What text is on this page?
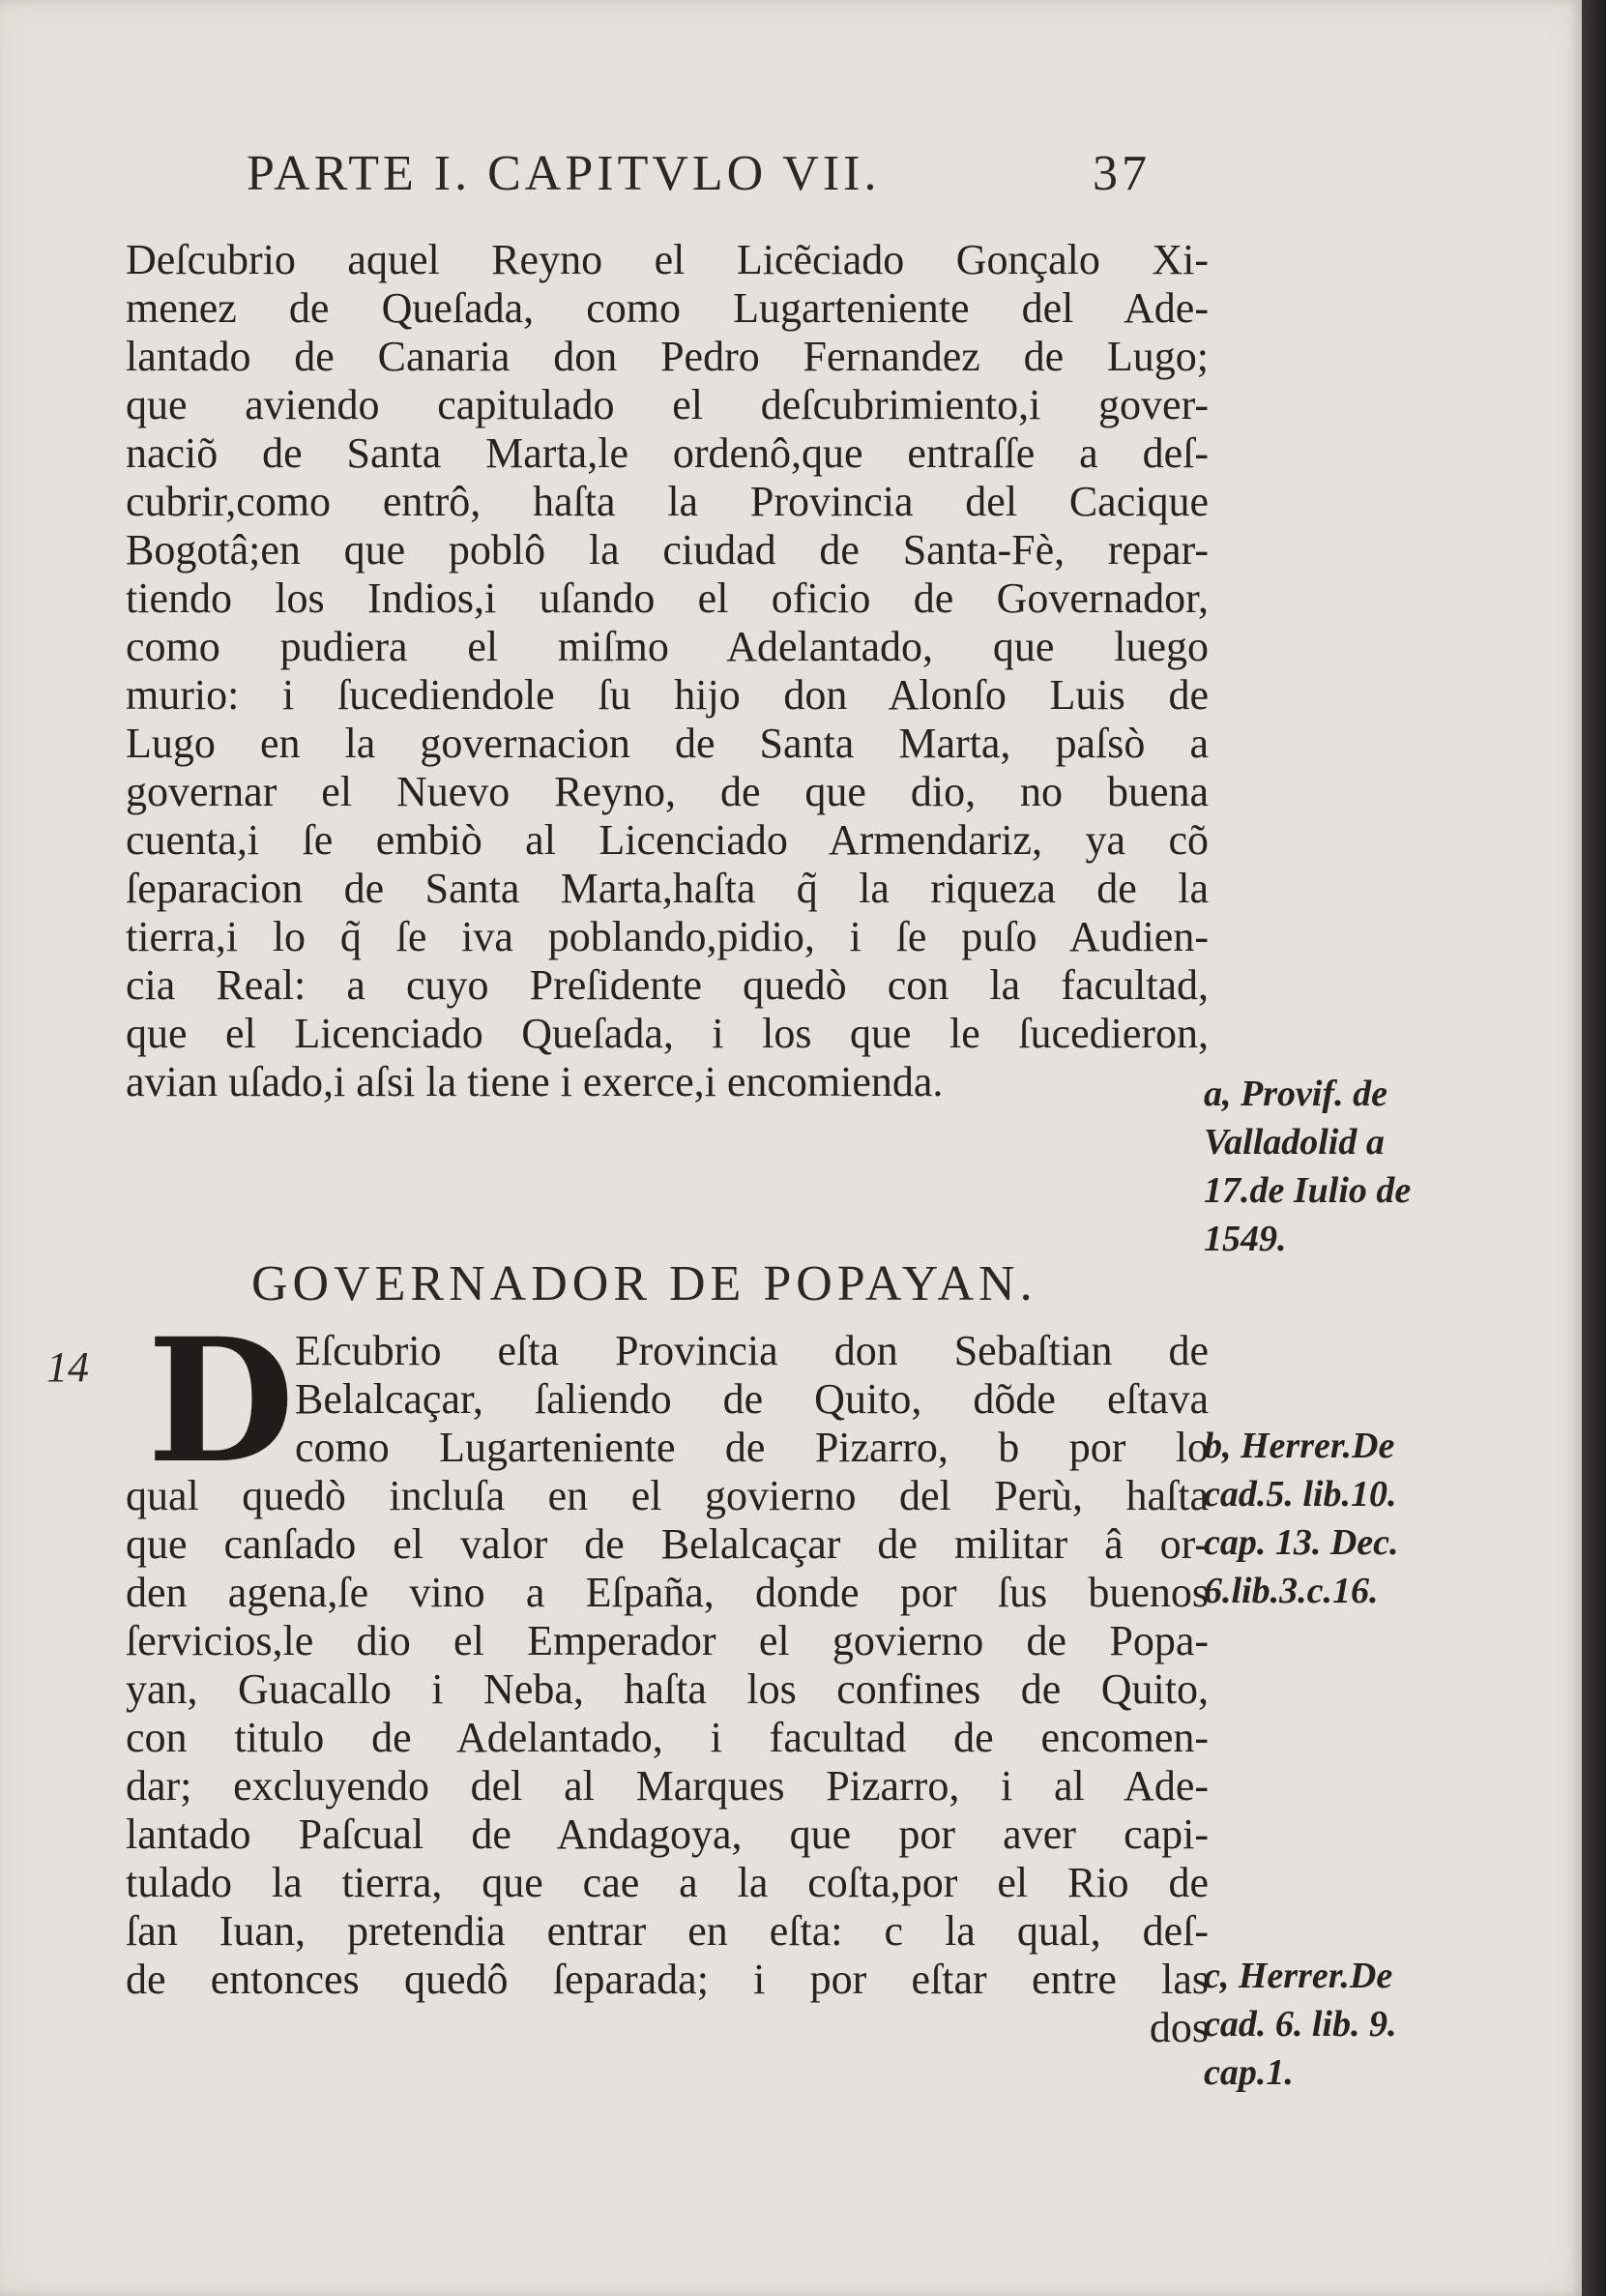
PARTE I. CAPITVLO VII.	37
Deſcubrio aquel Reyno el Licẽciado Gonçalo Xi-
menez de Queſada, como Lugarteniente del Ade-
lantado de Canaria don Pedro Fernandez de Lugo;
que aviendo capitulado el deſcubrimiento,i gover-
naciõ de Santa Marta,le ordenô,que entraſſe a deſ-
cubrir,como entrô, haſta la Provincia del Cacique
Bogotâ;en que poblô la ciudad de Santa-Fè, repar-
tiendo los Indios,i uſando el oficio de Governador,
como pudiera el miſmo Adelantado, que luego
murio: i ſucediendole ſu hijo don Alonſo Luis de
Lugo en la governacion de Santa Marta, paſsò a
governar el Nuevo Reyno, de que dio, no buena
cuenta,i ſe embiò al Licenciado Armendariz, ya cõ
ſeparacion de Santa Marta,haſta q̃ la riqueza de la
tierra,i lo q̃ ſe iva poblando,pidio, i ſe puſo Audien-
cia Real: a cuyo Preſidente quedò con la facultad,
que el Licenciado Queſada, i los que le ſucedieron,
avian uſado,i aſsi la tiene i exerce,i encomienda.	a, Provif. de
Valladolid a
17.de Iulio de
1549.
GOVERNADOR DE POPAYAN.
14 D Eſcubrio eſta Provincia don Sebaſtian de
Belalcaçar, ſaliendo de Quito, dõde eſtava
como Lugarteniente de Pizarro, b por lo
qual quedò incluſa en el govierno del Perù, haſta
que canſado el valor de Belalcaçar de militar â or-
den agena,ſe vino a Eſpaña, donde por ſus buenos
ſervicios,le dio el Emperador el govierno de Popa-
yan, Guacallo i Neba, haſta los confines de Quito,
con titulo de Adelantado, i facultad de encomen-
dar; excluyendo del al Marques Pizarro, i al Ade-
lantado Paſcual de Andagoya, que por aver capi-
tulado la tierra, que cae a la coſta,por el Rio de
ſan Iuan, pretendia entrar en eſta: c la qual, deſ-
de entonces quedô ſeparada; i por eſtar entre las
dos
b, Herrer.De
cad.5. lib.10.
cap. 13. Dec.
6.lib.3.c.16.
c, Herrer.De
cad. 6. lib. 9.
cap.1.
